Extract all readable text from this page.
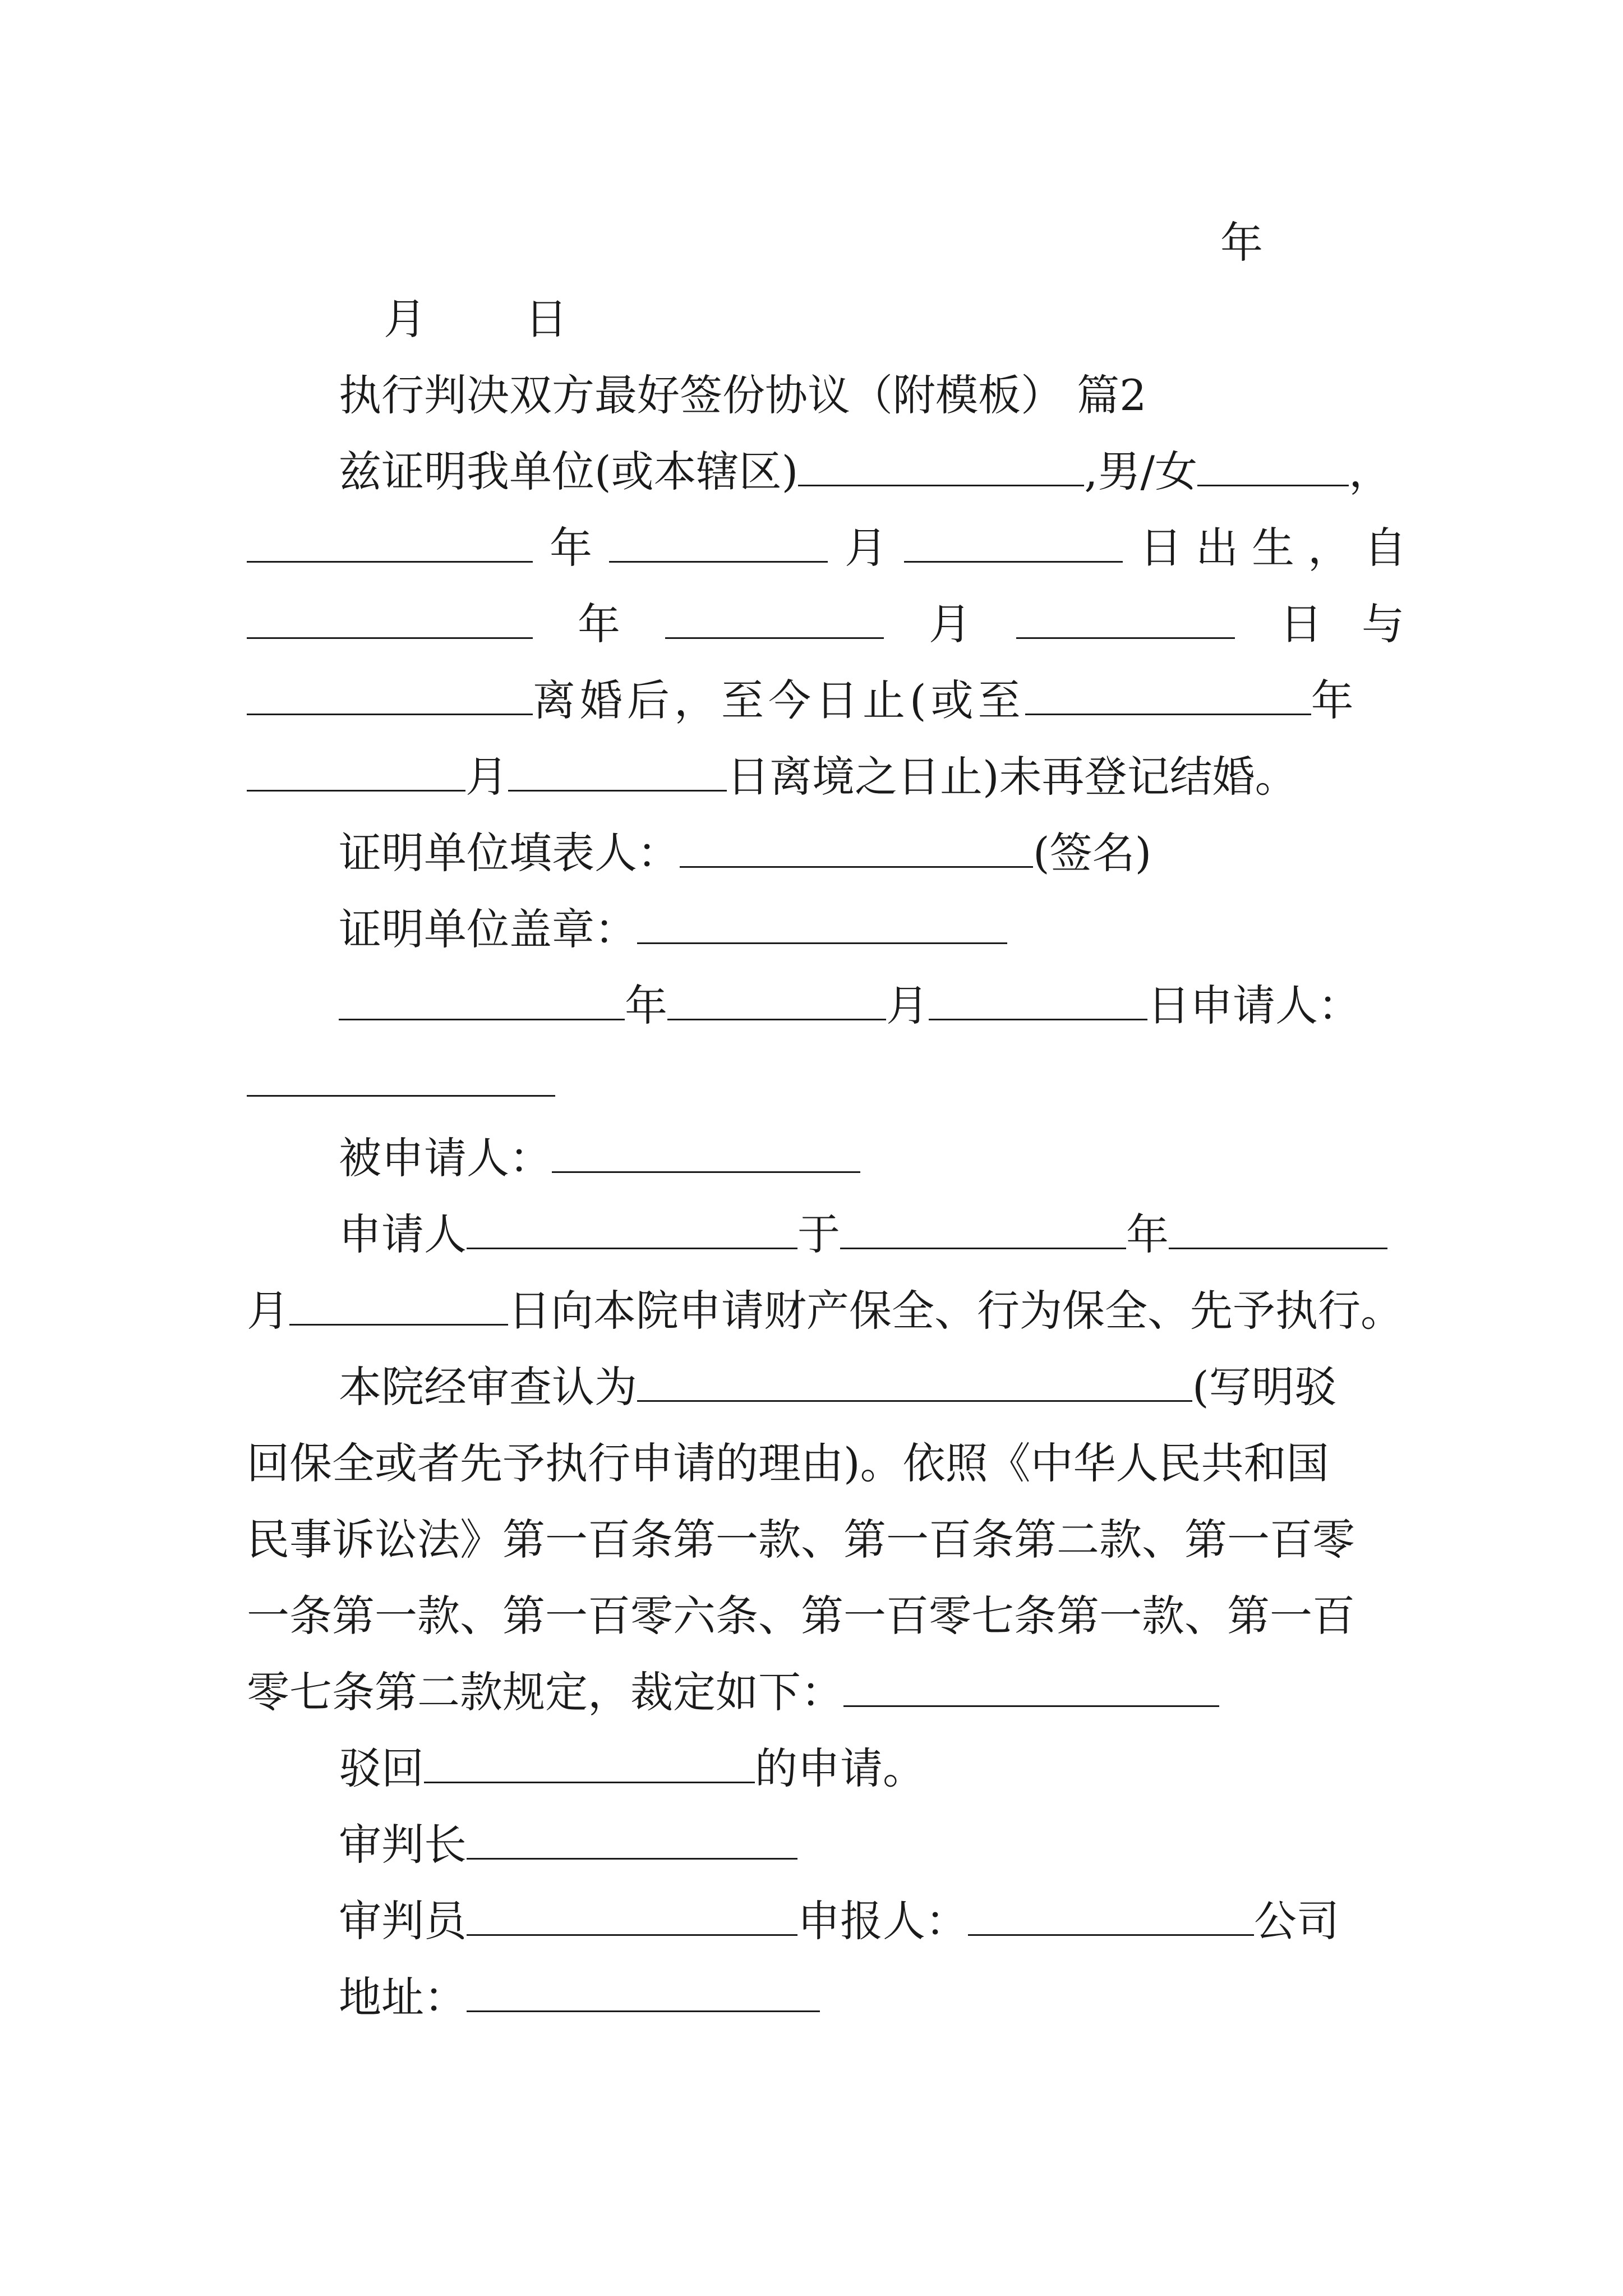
年
月 日
执行判决双方最好签份协议（附模板） 篇2
兹证明我单位(或本辖区)	,男/女	，
年	月	日出生，自
年	月	日与
离婚后，至今日止(或至	年
月	日离境之日止)未再登记结婚。
证明单位填表人：	(签名)
证明单位盖章：
年	月	日申请人：
被申请人：
申请人	于	年
月	日向本院申请财产保全、行为保全、先予执行。
本院经审查认为	(写明驳
回保全或者先予执行申请的理由)。依照《中华人民共和国
民事诉讼法》第一百条第一款、第一百条第二款、第一百零
一条第一款、第一百零六条、第一百零七条第一款、第一百
零七条第二款规定，裁定如下：
驳回	的申请。
审判长
审判员	申报人：	公司
地址：
